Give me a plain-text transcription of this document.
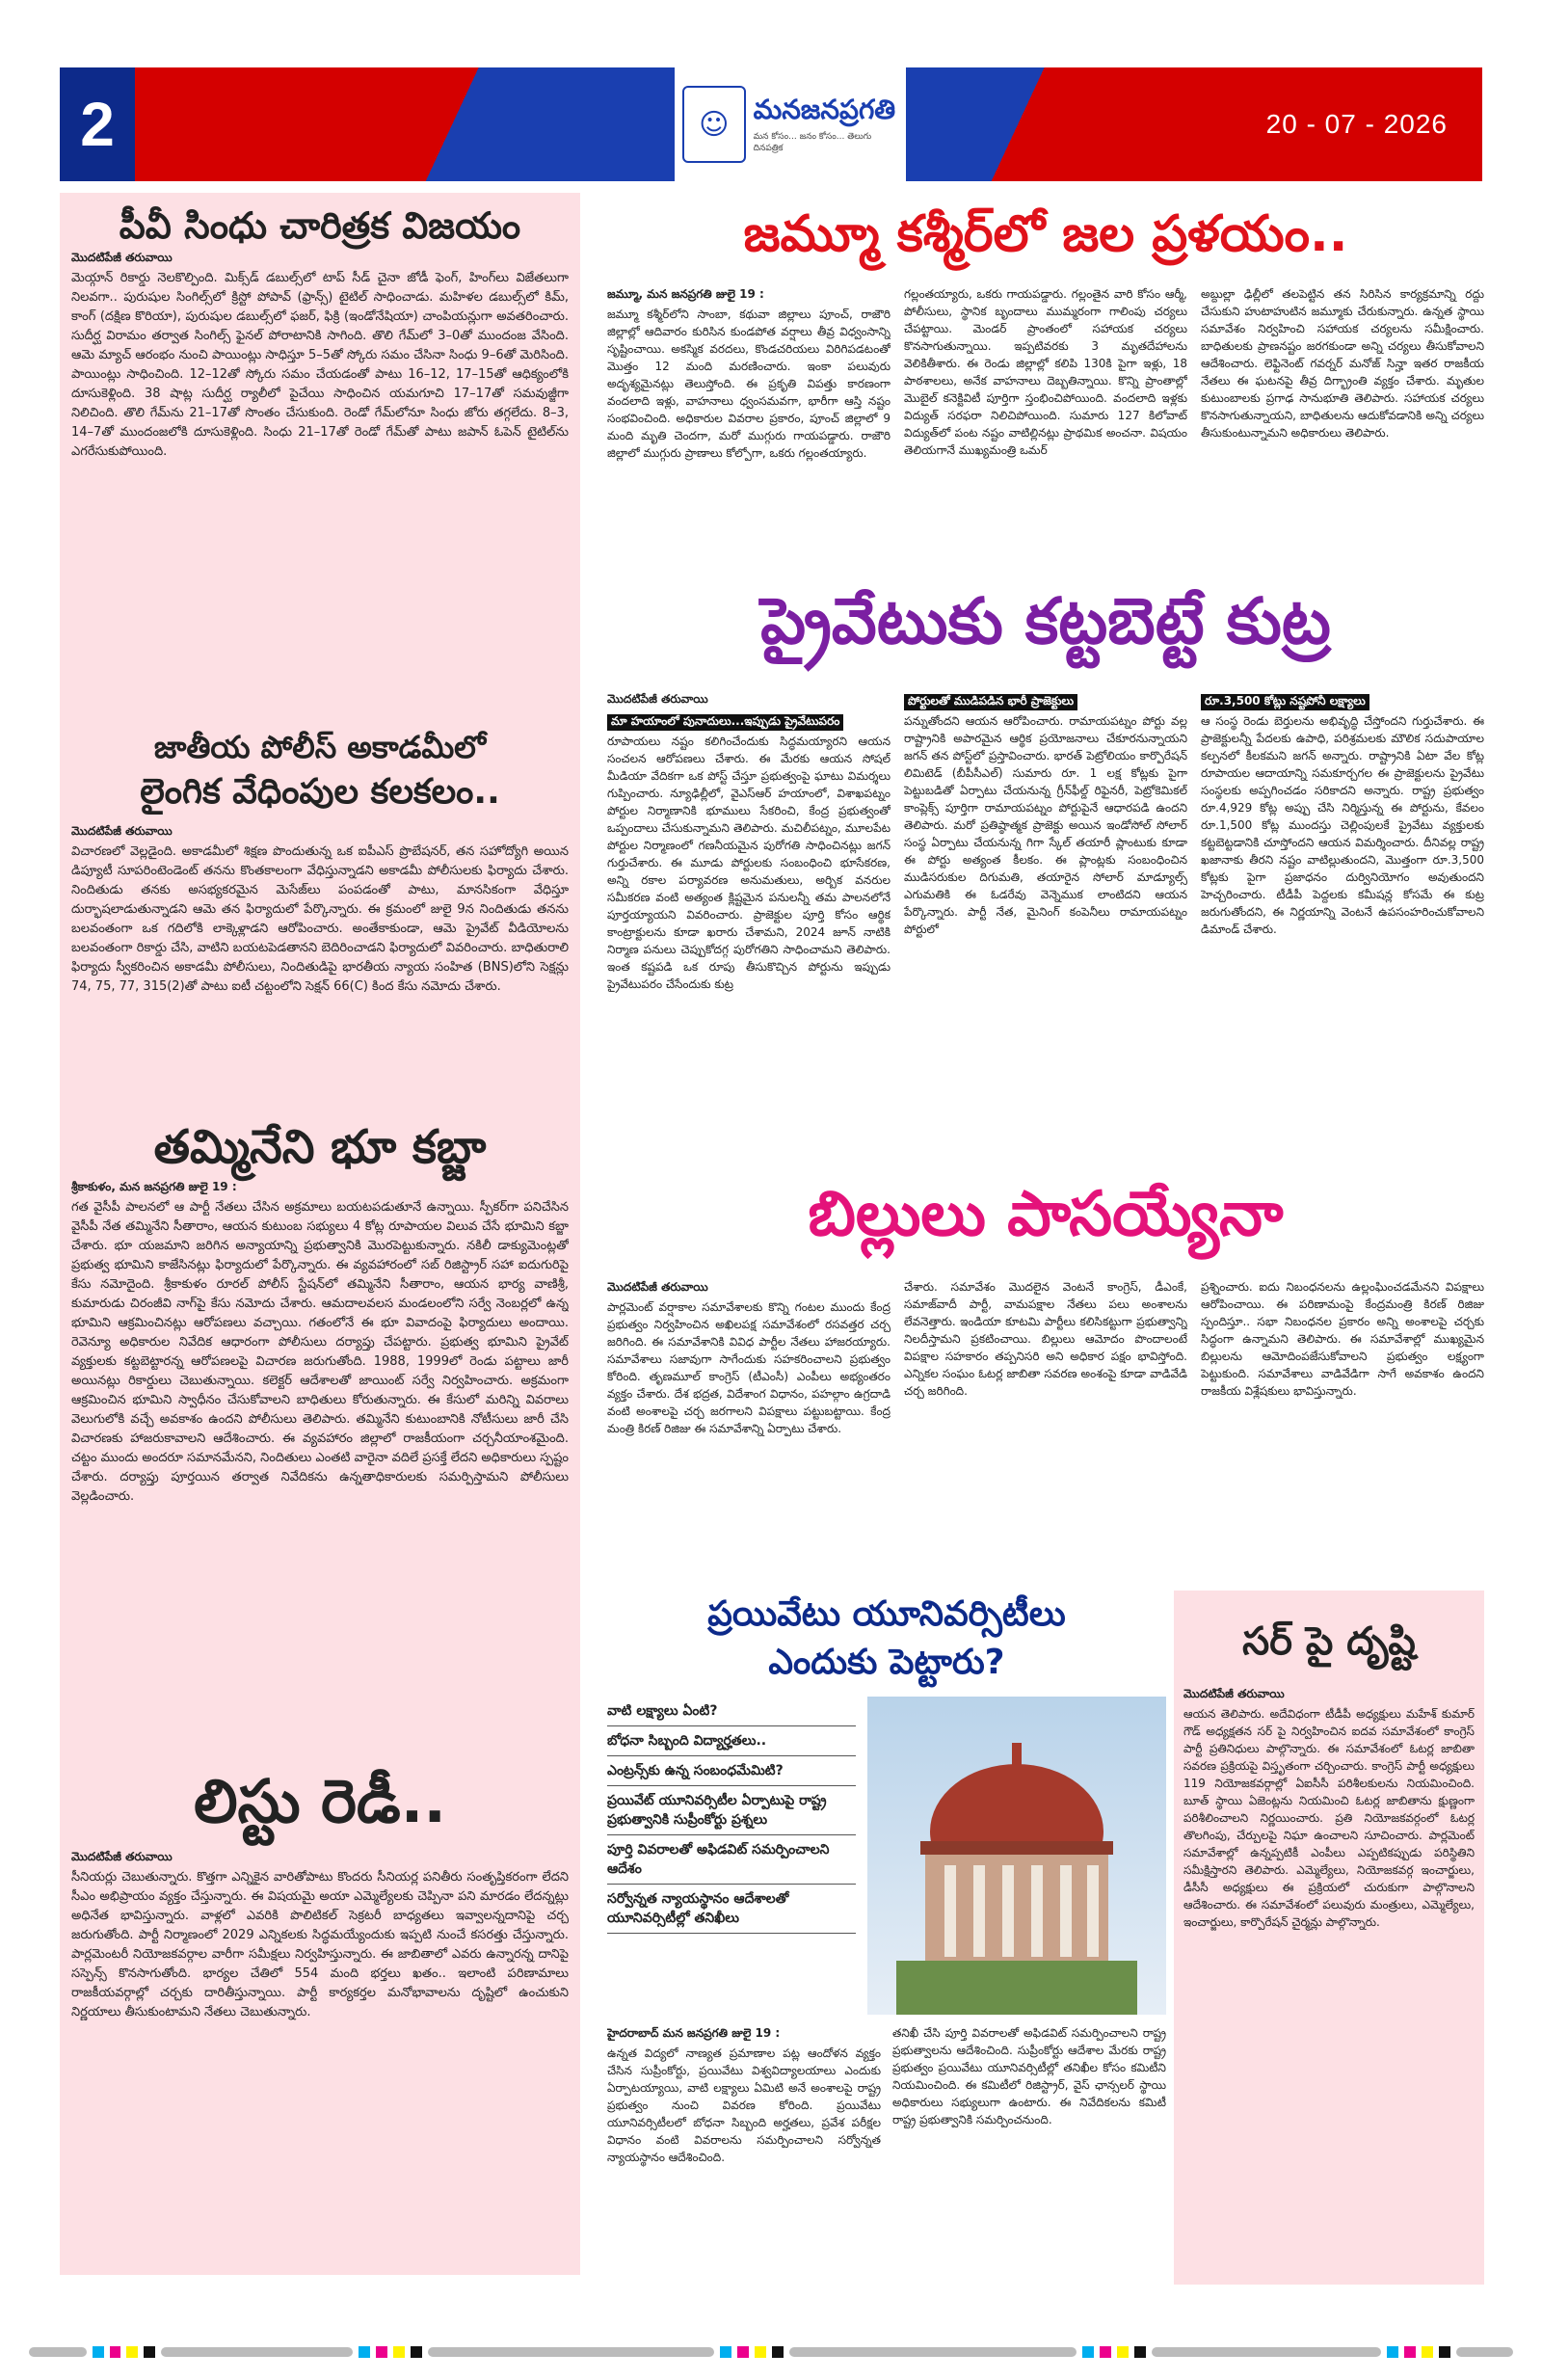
2	☺ మనజనప్రగతి
మన కోసం... జనం కోసం... తెలుగు దినపత్రిక
20 - 07 - 2026
పీవీ సింధు చారిత్రక విజయం
మొదటిపేజీ తరువాయి
మెయ్గాన్ రికార్డు నెలకొల్పింది. మిక్స్‌డ్ డబుల్స్‌లో టాప్ సీడ్ చైనా జోడీ ఫెంగ్, హింగ్‌లు విజేతలుగా నిలవగా.. పురుషుల సింగిల్స్‌లో క్రిస్టో పోపావ్ (ఫ్రాన్స్) టైటిల్ సాధించాడు. మహిళల డబుల్స్‌లో కిమ్, కాంగ్ (దక్షిణ కొరియా), పురుషుల డబుల్స్‌లో ఫజర్, ఫిక్రి (ఇండోనేషియా) చాంపియన్లుగా అవతరించారు. సుదీర్ఘ విరామం తర్వాత సింగిల్స్ ఫైనల్‌ పోరాటానికి సాగింది. తొలి గేమ్‌లో 3–0తో ముందంజ వేసింది. ఆమె మ్యాచ్ ఆరంభం నుంచి పాయింట్లు సాధిస్తూ 5–5తో స్కోరు సమం చేసినా సింధు 9–6తో మెరిసింది. పాయింట్లు సాధించింది. 12–12తో స్కోరు సమం చేయడంతో పాటు 16–12, 17–15తో ఆధిక్యంలోకి దూసుకెళ్లింది. 38 షాట్ల సుదీర్ఘ ర్యాలీలో పైచేయి సాధించిన యమగూచి 17–17తో సమవుజ్జీగా నిలిచింది. తొలి గేమ్‌ను 21–17తో సొంతం చేసుకుంది. రెండో గేమ్‌లోనూ సింధు జోరు తగ్గలేదు. 8–3, 14–7తో ముందంజలోకి దూసుకెళ్లింది. సింధు 21–17తో రెండో గేమ్‌తో పాటు జపాన్ ఓపెన్ టైటిల్‌ను ఎగరేసుకుపోయింది.
జాతీయ పోలీస్ అకాడమీలో
లైంగిక వేధింపుల కలకలం..
మొదటిపేజీ తరువాయి
విచారణలో వెల్లడైంది. అకాడమీలో శిక్షణ పొందుతున్న ఒక ఐపీఎస్ ప్రొబేషనర్, తన సహోద్యోగి అయిన డిప్యూటీ సూపరింటెండెంట్ తనను కొంతకాలంగా వేధిస్తున్నాడని అకాడమీ పోలీసులకు ఫిర్యాదు చేశారు. నిందితుడు తనకు అసభ్యకరమైన మెసేజ్‌లు పంపడంతో పాటు, మానసికంగా వేధిస్తూ దుర్భాషలాడుతున్నాడని ఆమె తన ఫిర్యాదులో పేర్కొన్నారు. ఈ క్రమంలో జులై 9న నిందితుడు తనను బలవంతంగా ఒక గదిలోకి లాక్కెళ్లాడని ఆరోపించారు. అంతేకాకుండా, ఆమె ప్రైవేట్ వీడియోలను బలవంతంగా రికార్డు చేసి, వాటిని బయటపెడతానని బెదిరించాడని ఫిర్యాదులో వివరించారు. బాధితురాలి ఫిర్యాదు స్వీకరించిన అకాడమీ పోలీసులు, నిందితుడిపై భారతీయ న్యాయ సంహిత (BNS)లోని సెక్షన్లు 74, 75, 77, 315(2)తో పాటు ఐటీ చట్టంలోని సెక్షన్ 66(C) కింద కేసు నమోదు చేశారు.
తమ్మినేని భూ కబ్జా
శ్రీకాకుళం, మన జనప్రగతి జులై 19 :
గత వైసీపీ పాలనలో ఆ పార్టీ నేతలు చేసిన అక్రమాలు బయటపడుతూనే ఉన్నాయి. స్పీకర్‌గా పనిచేసిన వైసీపీ నేత తమ్మినేని సీతారాం, ఆయన కుటుంబ సభ్యులు 4 కోట్ల రూపాయల విలువ చేసే భూమిని కబ్జా చేశారు. భూ యజమాని జరిగిన అన్యాయాన్ని ప్రభుత్వానికి మొరపెట్టుకున్నారు. నకిలీ డాక్యుమెంట్లతో ప్రభుత్వ భూమిని కాజేసినట్లు ఫిర్యాదులో పేర్కొన్నారు. ఈ వ్యవహారంలో సబ్ రిజిస్ట్రార్ సహా ఐదుగురిపై కేసు నమోదైంది. శ్రీకాకుళం రూరల్ పోలీస్ స్టేషన్‌లో తమ్మినేని సీతారాం, ఆయన భార్య వాణిశ్రీ, కుమారుడు చిరంజీవి నాగ్‌పై కేసు నమోదు చేశారు. ఆమదాలవలస మండలంలోని సర్వే నెంబర్లలో ఉన్న భూమిని ఆక్రమించినట్లు ఆరోపణలు వచ్చాయి. గతంలోనే ఈ భూ వివాదంపై ఫిర్యాదులు అందాయి. రెవెన్యూ అధికారుల నివేదిక ఆధారంగా పోలీసులు దర్యాప్తు చేపట్టారు. ప్రభుత్వ భూమిని ప్రైవేట్ వ్యక్తులకు కట్టబెట్టారన్న ఆరోపణలపై విచారణ జరుగుతోంది. 1988, 1999లో రెండు పట్టాలు జారీ అయినట్లు రికార్డులు చెబుతున్నాయి. కలెక్టర్ ఆదేశాలతో జాయింట్ సర్వే నిర్వహించారు. అక్రమంగా ఆక్రమించిన భూమిని స్వాధీనం చేసుకోవాలని బాధితులు కోరుతున్నారు. ఈ కేసులో మరిన్ని వివరాలు వెలుగులోకి వచ్చే అవకాశం ఉందని పోలీసులు తెలిపారు. తమ్మినేని కుటుంబానికి నోటీసులు జారీ చేసి విచారణకు హాజరుకావాలని ఆదేశించారు. ఈ వ్యవహారం జిల్లాలో రాజకీయంగా చర్చనీయాంశమైంది. చట్టం ముందు అందరూ సమానమేనని, నిందితులు ఎంతటి వారైనా వదిలే ప్రసక్తే లేదని అధికారులు స్పష్టం చేశారు. దర్యాప్తు పూర్తయిన తర్వాత నివేదికను ఉన్నతాధికారులకు సమర్పిస్తామని పోలీసులు వెల్లడించారు.
లిస్టు రెడీ..
మొదటిపేజీ తరువాయి
సీనియర్లు చెబుతున్నారు. కొత్తగా ఎన్నికైన వారితోపాటు కొందరు సీనియర్ల పనితీరు సంతృప్తికరంగా లేదని సీఎం అభిప్రాయం వ్యక్తం చేస్తున్నారు. ఈ విషయమై అయా ఎమ్మెల్యేలకు చెప్పినా పని మారడం లేదన్నట్లు అధినేత భావిస్తున్నారు. వాళ్లలో ఎవరికి పొలిటికల్ సెక్రటరీ బాధ్యతలు ఇవ్వాలన్నదానిపై చర్చ జరుగుతోంది. పార్టీ నిర్మాణంలో 2029 ఎన్నికలకు సిద్ధమయ్యేందుకు ఇప్పటి నుంచే కసరత్తు చేస్తున్నారు. పార్లమెంటరీ నియోజకవర్గాల వారీగా సమీక్షలు నిర్వహిస్తున్నారు. ఈ జాబితాలో ఎవరు ఉన్నారన్న దానిపై సస్పెన్స్ కొనసాగుతోంది. భార్యల చేతిలో 554 మంది భర్తలు ఖతం.. ఇలాంటి పరిణామాలు రాజకీయవర్గాల్లో చర్చకు దారితీస్తున్నాయి. పార్టీ కార్యకర్తల మనోభావాలను దృష్టిలో ఉంచుకుని నిర్ణయాలు తీసుకుంటామని నేతలు చెబుతున్నారు.
జమ్మూ కశ్మీర్‌లో జల ప్రళయం..
జమ్మూ, మన జనప్రగతి జులై 19 :
జమ్మూ కశ్మీర్‌లోని సాంబా, కథువా జిల్లాలు పూంచ్, రాజౌరి జిల్లాల్లో ఆదివారం కురిసిన కుండపోత వర్షాలు తీవ్ర విధ్వంసాన్ని సృష్టించాయి. అకస్మిక వరదలు, కొండచరియలు విరిగిపడటంతో మొత్తం 12 మంది మరణించారు. ఇంకా పలువురు అదృశ్యమైనట్లు తెలుస్తోంది. ఈ ప్రకృతి విపత్తు కారణంగా వందలాది ఇళ్లు, వాహనాలు ధ్వంసమవగా, భారీగా ఆస్తి నష్టం సంభవించింది. అధికారుల వివరాల ప్రకారం, పూంచ్ జిల్లాలో 9 మంది మృతి చెందగా, మరో ముగ్గురు గాయపడ్డారు. రాజౌరి జిల్లాలో ముగ్గురు ప్రాణాలు కోల్పోగా, ఒకరు గల్లంతయ్యారు.
గల్లంతయ్యారు, ఒకరు గాయపడ్డారు. గల్లంతైన వారి కోసం ఆర్మీ, పోలీసులు, స్థానిక బృందాలు ముమ్మరంగా గాలింపు చర్యలు చేపట్టాయి. మెండర్ ప్రాంతంలో సహాయక చర్యలు కొనసాగుతున్నాయి. ఇప్పటివరకు 3 మృతదేహాలను వెలికితీశారు. ఈ రెండు జిల్లాల్లో కలిపి 130కి పైగా ఇళ్లు, 18 పాఠశాలలు, అనేక వాహనాలు దెబ్బతిన్నాయి. కొన్ని ప్రాంతాల్లో మొబైల్ కనెక్టివిటీ పూర్తిగా స్తంభించిపోయింది. వందలాది ఇళ్లకు విద్యుత్ సరఫరా నిలిచిపోయింది. సుమారు 127 కిలోవాట్ విద్యుత్‌లో పంట నష్టం వాటిల్లినట్లు ప్రాథమిక అంచనా. విషయం తెలియగానే ముఖ్యమంత్రి ఒమర్
అబ్దుల్లా ఢిల్లీలో తలపెట్టిన తన సిరిసిన కార్యక్రమాన్ని రద్దు చేసుకుని హుటాహుటిన జమ్మూకు చేరుకున్నారు. ఉన్నత స్థాయి సమావేశం నిర్వహించి సహాయక చర్యలను సమీక్షించారు. బాధితులకు ప్రాణనష్టం జరగకుండా అన్ని చర్యలు తీసుకోవాలని ఆదేశించారు. లెఫ్టినెంట్ గవర్నర్ మనోజ్ సిన్హా ఇతర రాజకీయ నేతలు ఈ ఘటనపై తీవ్ర దిగ్భ్రాంతి వ్యక్తం చేశారు. మృతుల కుటుంబాలకు ప్రగాఢ సానుభూతి తెలిపారు. సహాయక చర్యలు కొనసాగుతున్నాయని, బాధితులను ఆదుకోవడానికి అన్ని చర్యలు తీసుకుంటున్నామని అధికారులు తెలిపారు.
ప్రైవేటుకు కట్టబెట్టే కుట్ర
మొదటిపేజీ తరువాయి
మా హయాంలో పునాదులు...ఇప్పుడు ప్రైవేటుపరం
రూపాయలు నష్టం కలిగించేందుకు సిద్ధమయ్యారని ఆయన సంచలన ఆరోపణలు చేశారు. ఈ మేరకు ఆయన సోషల్ మీడియా వేదికగా ఒక పోస్ట్ చేస్తూ ప్రభుత్వంపై ఘాటు విమర్శలు గుప్పించారు. న్యూఢిల్లీలో, వైఎస్ఆర్ హయాంలో, విశాఖపట్నం పోర్టుల నిర్మాణానికి భూములు సేకరించి, కేంద్ర ప్రభుత్వంతో ఒప్పందాలు చేసుకున్నామని తెలిపారు. మచిలీపట్నం, మూలపేట పోర్టుల నిర్మాణంలో గణనీయమైన పురోగతి సాధించినట్లు జగన్ గుర్తుచేశారు. ఈ మూడు పోర్టులకు సంబంధించి భూసేకరణ, అన్ని రకాల పర్యావరణ అనుమతులు, అర్బిక వనరుల సమీకరణ వంటి అత్యంత క్లిష్టమైన పనులన్నీ తమ పాలనలోనే పూర్తయ్యాయని వివరించారు. ప్రాజెక్టుల పూర్తి కోసం ఆర్థిక కాంట్రాక్టులను కూడా ఖరారు చేశామని, 2024 జూన్ నాటికి నిర్మాణ పనులు చెప్పుకోదగ్గ పురోగతిని సాధించామని తెలిపారు. ఇంత కష్టపడి ఒక రూపు తీసుకొచ్చిన పోర్టును ఇప్పుడు ప్రైవేటుపరం చేసేందుకు కుట్ర
పోర్టులతో ముడిపడిన భారీ ప్రాజెక్టులు
పన్నుతోందని ఆయన ఆరోపించారు. రామాయపట్నం పోర్టు వల్ల రాష్ట్రానికి అపారమైన ఆర్థిక ప్రయోజనాలు చేకూరనున్నాయని జగన్ తన పోస్ట్‌లో ప్రస్తావించారు. భారత్ పెట్రోలియం కార్పొరేషన్ లిమిటెడ్ (బీపీసీఎల్) సుమారు రూ. 1 లక్ష కోట్లకు పైగా పెట్టుబడితో ఏర్పాటు చేయనున్న గ్రీన్‌ఫీల్డ్ రిఫైనరీ, పెట్రోకెమికల్ కాంప్లెక్స్ పూర్తిగా రామాయపట్నం పోర్టుపైనే ఆధారపడి ఉందని తెలిపారు. మరో ప్రతిష్ఠాత్మక ప్రాజెక్టు అయిన ఇండోసోల్ సోలార్ సంస్థ ఏర్పాటు చేయనున్న గిగా స్కేల్ తయారీ ప్లాంటుకు కూడా ఈ పోర్టు అత్యంత కీలకం. ఈ ప్లాంట్లకు సంబంధించిన ముడిసరుకుల దిగుమతి, తయారైన సోలార్ మాడ్యూల్స్ ఎగుమతికి ఈ ఓడరేవు వెన్నెముక లాంటిదని ఆయన పేర్కొన్నారు. పార్టీ నేత, మైనింగ్ కంపెనీలు రామాయపట్నం పోర్టులో
రూ.3,500 కోట్లు నష్టపోనీ లక్ష్యాలు
ఆ సంస్థ రెండు బెర్తులను అభివృద్ధి చేస్తోందని గుర్తుచేశారు. ఈ ప్రాజెక్టులన్నీ పేదలకు ఉపాధి, పరిశ్రమలకు మౌలిక సదుపాయాల కల్పనలో కీలకమని జగన్ అన్నారు. రాష్ట్రానికి ఏటా వేల కోట్ల రూపాయల ఆదాయాన్ని సమకూర్చగల ఈ ప్రాజెక్టులను ప్రైవేటు సంస్థలకు అప్పగించడం సరికాదని అన్నారు. రాష్ట్ర ప్రభుత్వం రూ.4,929 కోట్ల అప్పు చేసి నిర్మిస్తున్న ఈ పోర్టును, కేవలం రూ.1,500 కోట్ల ముందస్తు చెల్లింపులకే ప్రైవేటు వ్యక్తులకు కట్టబెట్టడానికి చూస్తోందని ఆయన విమర్శించారు. దీనివల్ల రాష్ట్ర ఖజానాకు తీరని నష్టం వాటిల్లుతుందని, మొత్తంగా రూ.3,500 కోట్లకు పైగా ప్రజాధనం దుర్వినియోగం అవుతుందని హెచ్చరించారు. టీడీపీ పెద్దలకు కమీషన్ల కోసమే ఈ కుట్ర జరుగుతోందని, ఈ నిర్ణయాన్ని వెంటనే ఉపసంహరించుకోవాలని డిమాండ్ చేశారు.
బిల్లులు పాసయ్యేనా
మొదటిపేజీ తరువాయి
పార్లమెంట్ వర్షాకాల సమావేశాలకు కొన్ని గంటల ముందు కేంద్ర ప్రభుత్వం నిర్వహించిన అఖిలపక్ష సమావేశంలో రసవత్తర చర్చ జరిగింది. ఈ సమావేశానికి వివిధ పార్టీల నేతలు హాజరయ్యారు. సమావేశాలు సజావుగా సాగేందుకు సహకరించాలని ప్రభుత్వం కోరింది. తృణమూల్ కాంగ్రెస్ (టీఎంసీ) ఎంపీలు అభ్యంతరం వ్యక్తం చేశారు. దేశ భద్రత, విదేశాంగ విధానం, పహల్గాం ఉగ్రదాడి వంటి అంశాలపై చర్చ జరగాలని విపక్షాలు పట్టుబట్టాయి. కేంద్ర మంత్రి కిరణ్ రిజిజు ఈ సమావేశాన్ని ఏర్పాటు చేశారు.
చేశారు. సమావేశం మొదలైన వెంటనే కాంగ్రెస్, డీఎంకే, సమాజ్‌వాదీ పార్టీ, వామపక్షాల నేతలు పలు అంశాలను లేవనెత్తారు. ఇండియా కూటమి పార్టీలు కలిసికట్టుగా ప్రభుత్వాన్ని నిలదీస్తామని ప్రకటించాయి. బిల్లులు ఆమోదం పొందాలంటే విపక్షాల సహకారం తప్పనిసరి అని అధికార పక్షం భావిస్తోంది. ఎన్నికల సంఘం ఓటర్ల జాబితా సవరణ అంశంపై కూడా వాడివేడి చర్చ జరిగింది.
ప్రశ్నించారు. ఐదు నిబంధనలను ఉల్లంఘించడమేనని విపక్షాలు ఆరోపించాయి. ఈ పరిణామంపై కేంద్రమంత్రి కిరణ్ రిజిజు స్పందిస్తూ.. సభా నిబంధనల ప్రకారం అన్ని అంశాలపై చర్చకు సిద్ధంగా ఉన్నామని తెలిపారు. ఈ సమావేశాల్లో ముఖ్యమైన బిల్లులను ఆమోదింపజేసుకోవాలని ప్రభుత్వం లక్ష్యంగా పెట్టుకుంది. సమావేశాలు వాడివేడిగా సాగే అవకాశం ఉందని రాజకీయ విశ్లేషకులు భావిస్తున్నారు.
ప్రయివేటు యూనివర్సిటీలు
ఎందుకు పెట్టారు?
వాటి లక్ష్యాలు ఏంటి?
బోధనా సిబ్బంది విద్యార్హతలు..
ఎంట్రన్స్‌కు ఉన్న సంబంధమేమిటి?
ప్రయివేట్ యూనివర్సిటీల ఏర్పాటుపై రాష్ట్ర ప్రభుత్వానికి సుప్రీంకోర్టు ప్రశ్నలు
పూర్తి వివరాలతో అఫిడవిట్ సమర్పించాలని ఆదేశం
సర్వోన్నత న్యాయస్థానం ఆదేశాలతో యూనివర్సిటీల్లో తనిఖీలు
హైదరాబాద్ మన జనప్రగతి జులై 19 :
ఉన్నత విద్యలో నాణ్యత ప్రమాణాల పట్ల ఆందోళన వ్యక్తం చేసిన సుప్రీంకోర్టు, ప్రయివేటు విశ్వవిద్యాలయాలు ఎందుకు ఏర్పాటయ్యాయి, వాటి లక్ష్యాలు ఏమిటి అనే అంశాలపై రాష్ట్ర ప్రభుత్వం నుంచి వివరణ కోరింది. ప్రయివేటు యూనివర్సిటీలలో బోధనా సిబ్బంది అర్హతలు, ప్రవేశ పరీక్షల విధానం వంటి వివరాలను సమర్పించాలని సర్వోన్నత న్యాయస్థానం ఆదేశించింది.
తనిఖీ చేసి పూర్తి వివరాలతో అఫిడవిట్ సమర్పించాలని రాష్ట్ర ప్రభుత్వాలను ఆదేశించింది. సుప్రీంకోర్టు ఆదేశాల మేరకు రాష్ట్ర ప్రభుత్వం ప్రయివేటు యూనివర్సిటీల్లో తనిఖీల కోసం కమిటీని నియమించింది. ఈ కమిటీలో రిజిస్ట్రార్, వైస్ ఛాన్సలర్ స్థాయి అధికారులు సభ్యులుగా ఉంటారు. ఈ నివేదికలను కమిటీ రాష్ట్ర ప్రభుత్వానికి సమర్పించనుంది.
సర్ పై దృష్టి
మొదటిపేజీ తరువాయి
ఆయన తెలిపారు. అదేవిధంగా టీడీపీ అధ్యక్షులు మహేశ్ కుమార్ గౌడ్ అధ్యక్షతన సర్ పై నిర్వహించిన ఐదవ సమావేశంలో కాంగ్రెస్ పార్టీ ప్రతినిధులు పాల్గొన్నారు. ఈ సమావేశంలో ఓటర్ల జాబితా సవరణ ప్రక్రియపై విస్తృతంగా చర్చించారు. కాంగ్రెస్ పార్టీ అధ్యక్షులు 119 నియోజకవర్గాల్లో ఏఐసీసీ పరిశీలకులను నియమించింది. బూత్ స్థాయి ఏజెంట్లను నియమించి ఓటర్ల జాబితాను క్షుణ్ణంగా పరిశీలించాలని నిర్ణయించారు. ప్రతి నియోజకవర్గంలో ఓటర్ల తొలగింపు, చేర్పులపై నిఘా ఉంచాలని సూచించారు. పార్లమెంట్ సమావేశాల్లో ఉన్నప్పటికీ ఎంపీలు ఎప్పటికప్పుడు పరిస్థితిని సమీక్షిస్తారని తెలిపారు. ఎమ్మెల్యేలు, నియోజకవర్గ ఇంచార్జులు, డీసీసీ అధ్యక్షులు ఈ ప్రక్రియలో చురుకుగా పాల్గొనాలని ఆదేశించారు. ఈ సమావేశంలో పలువురు మంత్రులు, ఎమ్మెల్యేలు, ఇంచార్జులు, కార్పొరేషన్ చైర్మన్లు పాల్గొన్నారు.
